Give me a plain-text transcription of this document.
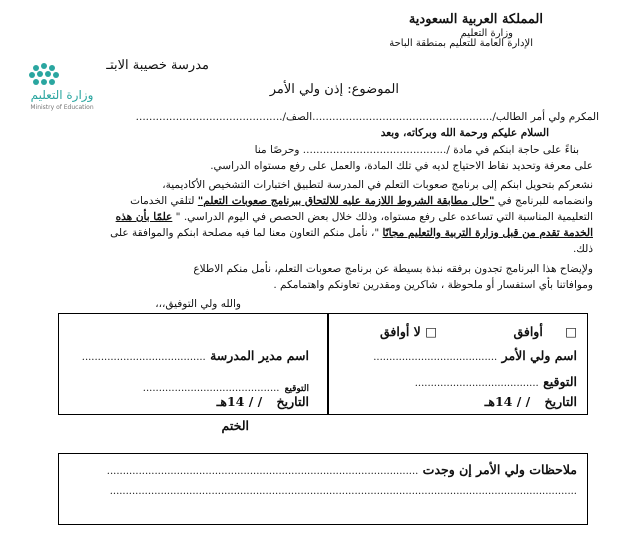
المملكة العربية السعودية
وزارة التعليم
الإدارة العامة للتعليم بمنطقة الباحة
مدرسة خصيبة الابتـ
وزارة التعليم
Ministry of Education
الموضوع: إذن ولي الأمر
المكرم ولي أمر الطالب/......................................................الصف/............................................
السلام عليكم ورحمة الله وبركاته، وبعد
بناءً على حاجة ابنكم في مادة /........................................... وحرصًا منا
على معرفة وتحديد نقاط الاحتياج لديه في تلك المادة، والعمل على رفع مستواه الدراسي.
نشعركم بتحويل ابنكم إلى برنامج صعوبات التعلم في المدرسة لتطبيق اختبارات التشخيص الأكاديمية،
وانضمامه للبرنامج في "حال مطابقة الشروط اللازمة عليه للالتحاق ببرنامج صعوبات التعلم" لتلقي الخدمات
التعليمية المناسبة التي تساعده على رفع مستواه، وذلك خلال بعض الحصص في اليوم الدراسي. " علمًا بأن هذه
الخدمة تقدم من قبل وزارة التربية والتعليم مجانًا "، نأمل منكم التعاون معنا لما فيه مصلحة ابنكم والموافقة على
ذلك.
ولإيضاح هذا البرنامج تجدون برفقه نبذة بسيطة عن برنامج صعوبات التعلم، نأمل منكم الاطلاع
وموافاتنا بأي استفسار أو ملحوظة ، شاكرين ومقدرين تعاونكم واهتمامكم .
والله ولي التوفيق،،،
□ أوافق
□ لا أوافق
اسم ولي الأمر .......................................
التوقيع .......................................
التاريخ / / 14هـ
اسم مدير المدرسة .......................................
التوقيع ...........................................
التاريخ / / 14هـ
الختم
ملاحظات ولي الأمر إن وجدت ..................................................................................................
...................................................................................................................................................
